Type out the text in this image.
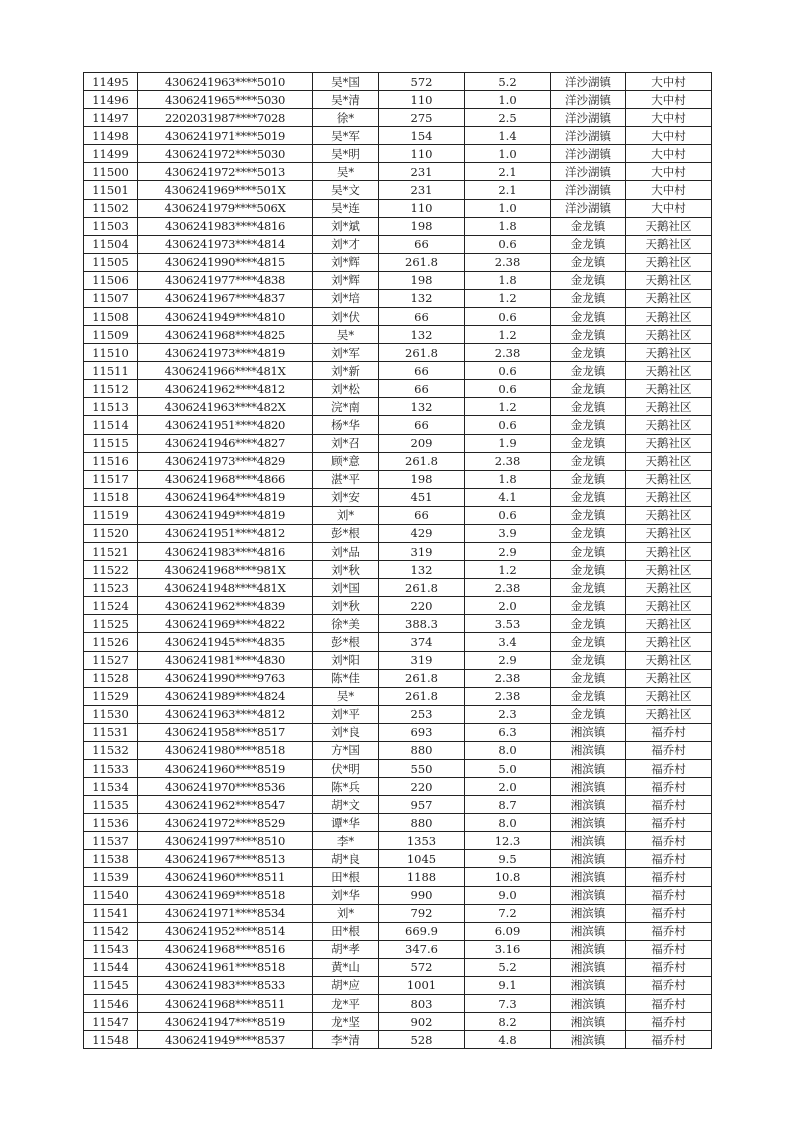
11495	4306241963****5010	吴*国	572	5.2	洋沙湖镇	大中村
11496	4306241965****5030	吴*清	110	1.0	洋沙湖镇	大中村
11497	2202031987****7028	徐*	275	2.5	洋沙湖镇	大中村
11498	4306241971****5019	吴*军	154	1.4	洋沙湖镇	大中村
11499	4306241972****5030	吴*明	110	1.0	洋沙湖镇	大中村
11500	4306241972****5013	吴*	231	2.1	洋沙湖镇	大中村
11501	4306241969****501X	吴*文	231	2.1	洋沙湖镇	大中村
11502	4306241979****506X	吴*连	110	1.0	洋沙湖镇	大中村
11503	4306241983****4816	刘*斌	198	1.8	金龙镇	天鹅社区
11504	4306241973****4814	刘*才	66	0.6	金龙镇	天鹅社区
11505	4306241990****4815	刘*辉	261.8	2.38	金龙镇	天鹅社区
11506	4306241977****4838	刘*辉	198	1.8	金龙镇	天鹅社区
11507	4306241967****4837	刘*培	132	1.2	金龙镇	天鹅社区
11508	4306241949****4810	刘*伏	66	0.6	金龙镇	天鹅社区
11509	4306241968****4825	吴*	132	1.2	金龙镇	天鹅社区
11510	4306241973****4819	刘*军	261.8	2.38	金龙镇	天鹅社区
11511	4306241966****481X	刘*新	66	0.6	金龙镇	天鹅社区
11512	4306241962****4812	刘*松	66	0.6	金龙镇	天鹅社区
11513	4306241963****482X	浣*南	132	1.2	金龙镇	天鹅社区
11514	4306241951****4820	杨*华	66	0.6	金龙镇	天鹅社区
11515	4306241946****4827	刘*召	209	1.9	金龙镇	天鹅社区
11516	4306241973****4829	顾*意	261.8	2.38	金龙镇	天鹅社区
11517	4306241968****4866	湛*平	198	1.8	金龙镇	天鹅社区
11518	4306241964****4819	刘*安	451	4.1	金龙镇	天鹅社区
11519	4306241949****4819	刘*	66	0.6	金龙镇	天鹅社区
11520	4306241951****4812	彭*根	429	3.9	金龙镇	天鹅社区
11521	4306241983****4816	刘*品	319	2.9	金龙镇	天鹅社区
11522	4306241968****981X	刘*秋	132	1.2	金龙镇	天鹅社区
11523	4306241948****481X	刘*国	261.8	2.38	金龙镇	天鹅社区
11524	4306241962****4839	刘*秋	220	2.0	金龙镇	天鹅社区
11525	4306241969****4822	徐*美	388.3	3.53	金龙镇	天鹅社区
11526	4306241945****4835	彭*根	374	3.4	金龙镇	天鹅社区
11527	4306241981****4830	刘*阳	319	2.9	金龙镇	天鹅社区
11528	4306241990****9763	陈*佳	261.8	2.38	金龙镇	天鹅社区
11529	4306241989****4824	吴*	261.8	2.38	金龙镇	天鹅社区
11530	4306241963****4812	刘*平	253	2.3	金龙镇	天鹅社区
11531	4306241958****8517	刘*良	693	6.3	湘滨镇	福乔村
11532	4306241980****8518	方*国	880	8.0	湘滨镇	福乔村
11533	4306241960****8519	伏*明	550	5.0	湘滨镇	福乔村
11534	4306241970****8536	陈*兵	220	2.0	湘滨镇	福乔村
11535	4306241962****8547	胡*文	957	8.7	湘滨镇	福乔村
11536	4306241972****8529	谭*华	880	8.0	湘滨镇	福乔村
11537	4306241997****8510	李*	1353	12.3	湘滨镇	福乔村
11538	4306241967****8513	胡*良	1045	9.5	湘滨镇	福乔村
11539	4306241960****8511	田*根	1188	10.8	湘滨镇	福乔村
11540	4306241969****8518	刘*华	990	9.0	湘滨镇	福乔村
11541	4306241971****8534	刘*	792	7.2	湘滨镇	福乔村
11542	4306241952****8514	田*根	669.9	6.09	湘滨镇	福乔村
11543	4306241968****8516	胡*孝	347.6	3.16	湘滨镇	福乔村
11544	4306241961****8518	黄*山	572	5.2	湘滨镇	福乔村
11545	4306241983****8533	胡*应	1001	9.1	湘滨镇	福乔村
11546	4306241968****8511	龙*平	803	7.3	湘滨镇	福乔村
11547	4306241947****8519	龙*坚	902	8.2	湘滨镇	福乔村
11548	4306241949****8537	李*清	528	4.8	湘滨镇	福乔村
